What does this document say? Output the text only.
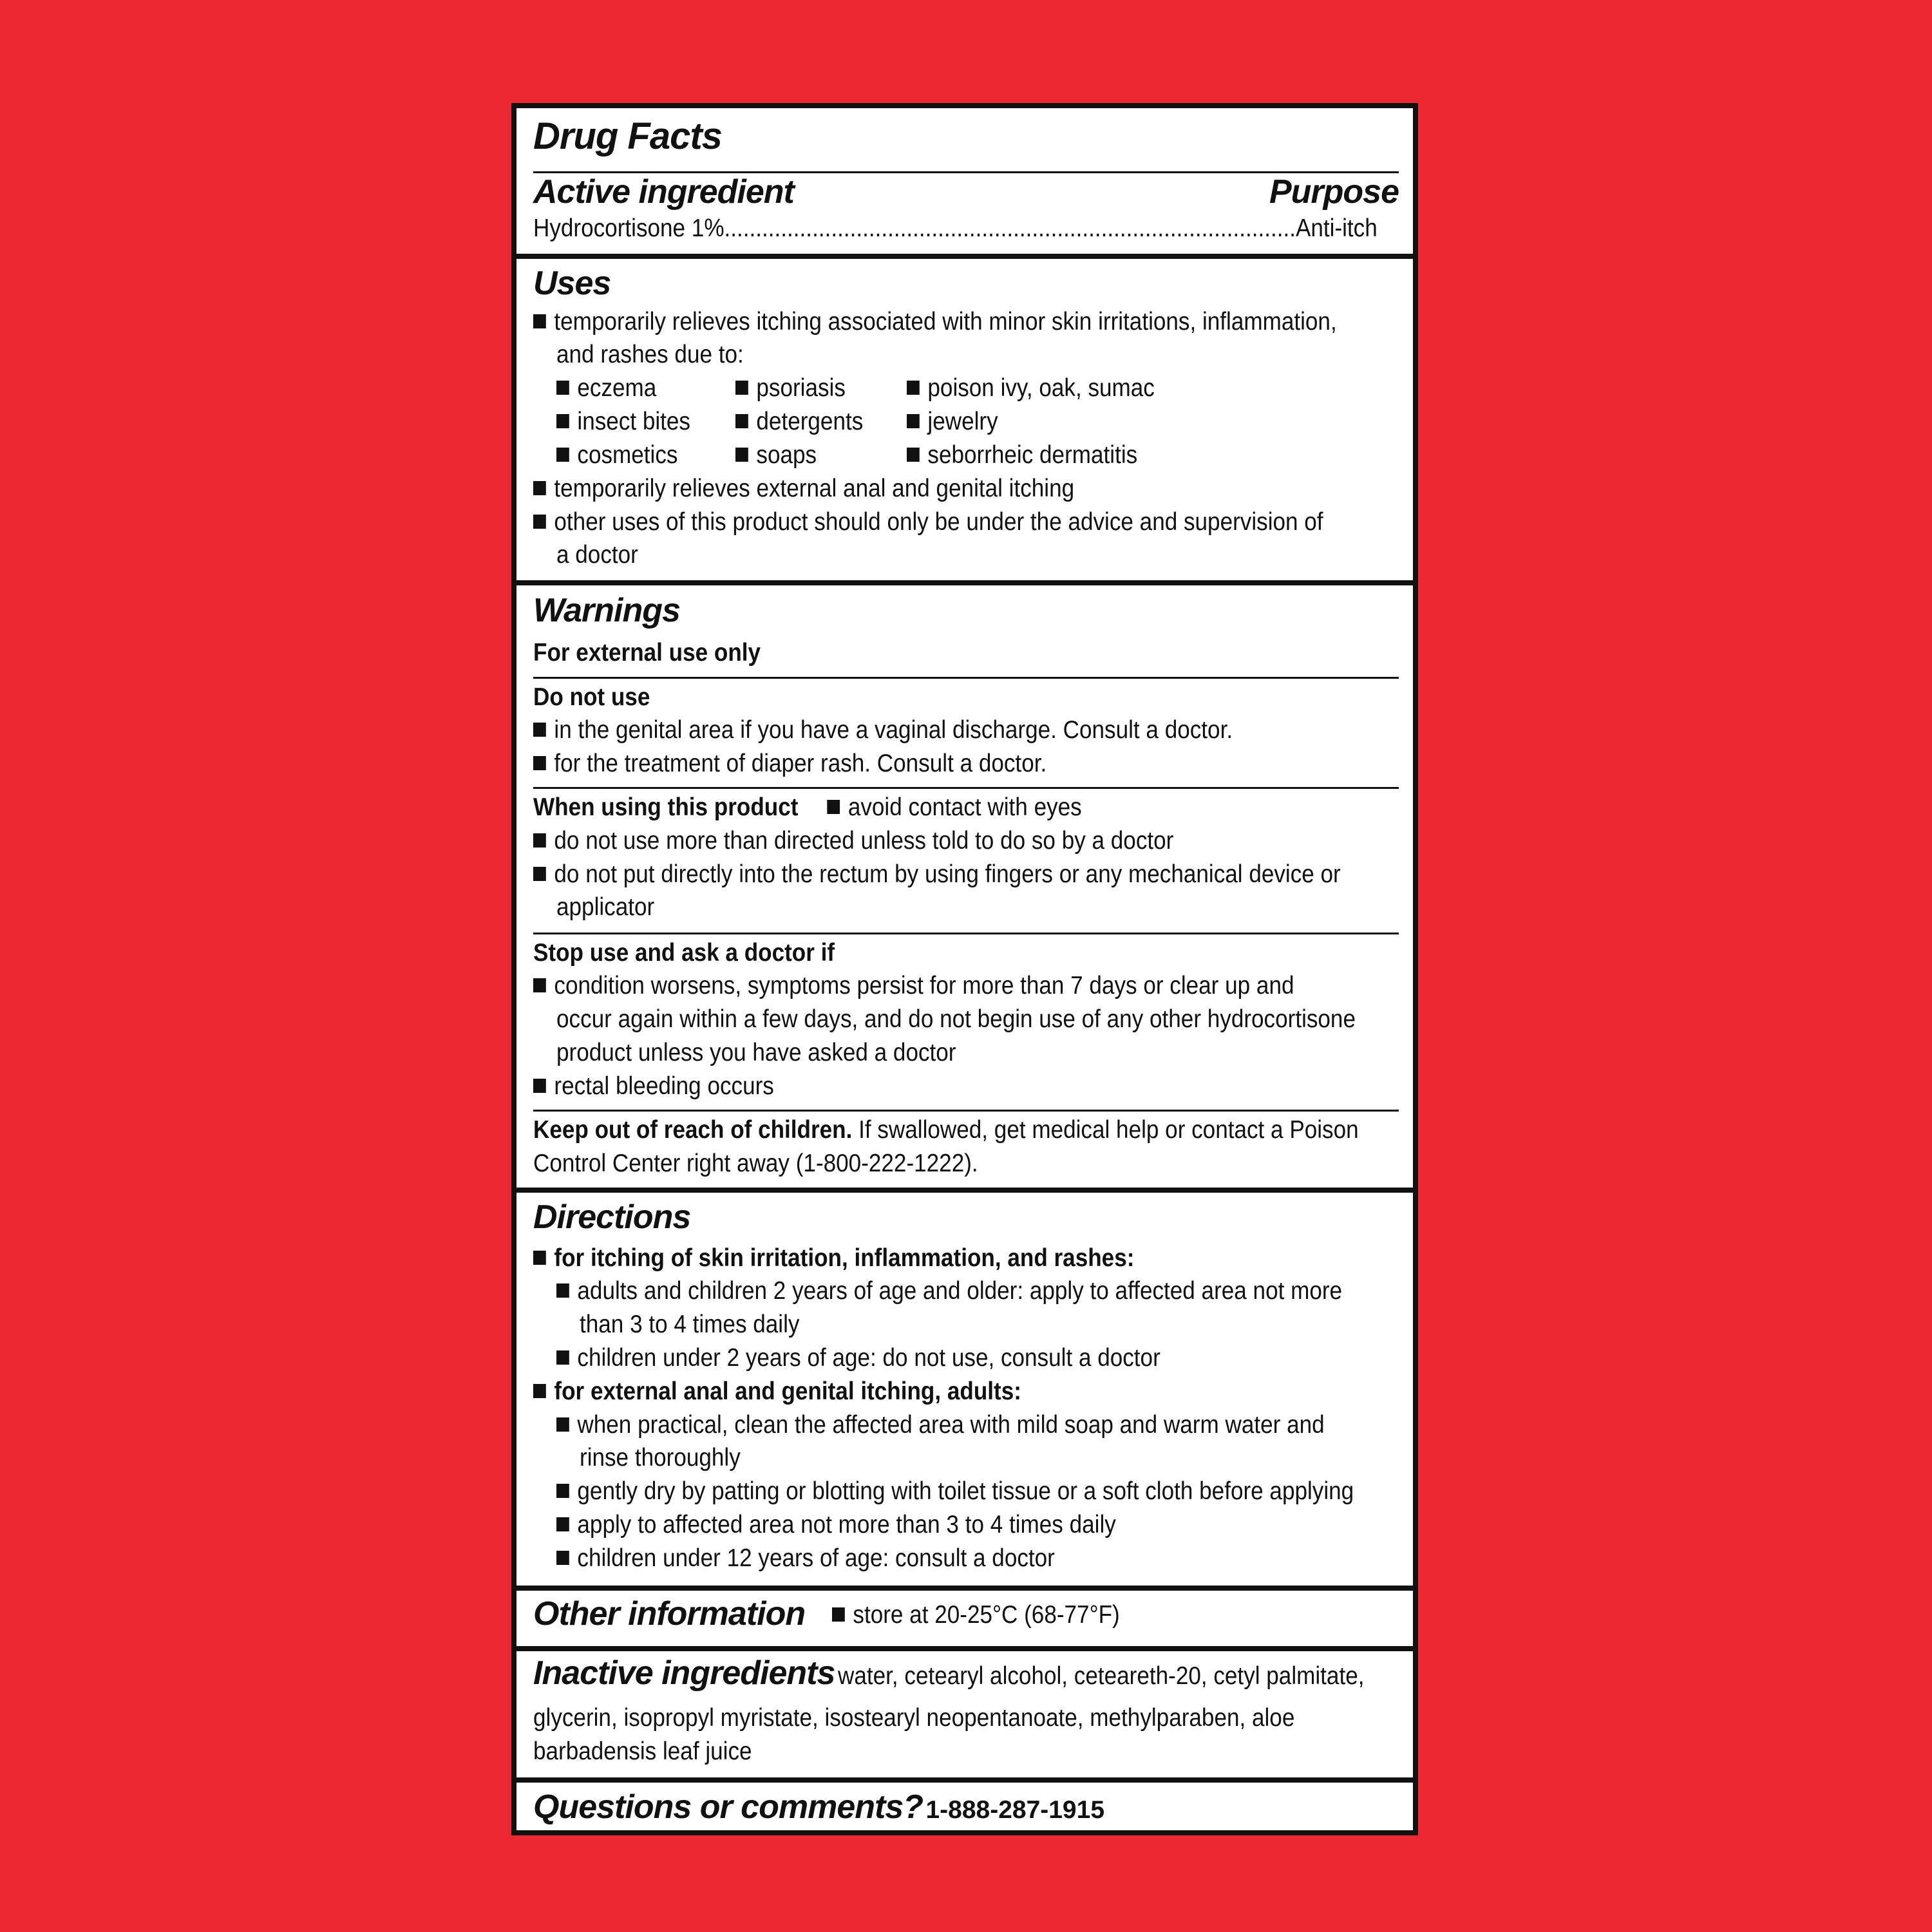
Drug Facts
Active ingredient	Purpose
Hydrocortisone 1%...........................................................................................Anti-itch
Uses
temporarily relieves itching associated with minor skin irritations, inflammation,
and rashes due to:
eczema	psoriasis	poison ivy, oak, sumac
insect bites	detergents	jewelry
cosmetics	soaps	seborrheic dermatitis
temporarily relieves external anal and genital itching
other uses of this product should only be under the advice and supervision of
a doctor
Warnings
For external use only
Do not use
in the genital area if you have a vaginal discharge. Consult a doctor.
for the treatment of diaper rash. Consult a doctor.
When using this product avoid contact with eyes
do not use more than directed unless told to do so by a doctor
do not put directly into the rectum by using fingers or any mechanical device or
applicator
Stop use and ask a doctor if
condition worsens, symptoms persist for more than 7 days or clear up and
occur again within a few days, and do not begin use of any other hydrocortisone
product unless you have asked a doctor
rectal bleeding occurs
Keep out of reach of children. If swallowed, get medical help or contact a Poison
Control Center right away (1-800-222-1222).
Directions
for itching of skin irritation, inflammation, and rashes:
adults and children 2 years of age and older: apply to affected area not more
than 3 to 4 times daily
children under 2 years of age: do not use, consult a doctor
for external anal and genital itching, adults:
when practical, clean the affected area with mild soap and warm water and
rinse thoroughly
gently dry by patting or blotting with toilet tissue or a soft cloth before applying
apply to affected area not more than 3 to 4 times daily
children under 12 years of age: consult a doctor
Other information	store at 20-25°C (68-77°F)
Inactive ingredients water, cetearyl alcohol, ceteareth-20, cetyl palmitate,
glycerin, isopropyl myristate, isostearyl neopentanoate, methylparaben, aloe
barbadensis leaf juice
Questions or comments? 1-888-287-1915
